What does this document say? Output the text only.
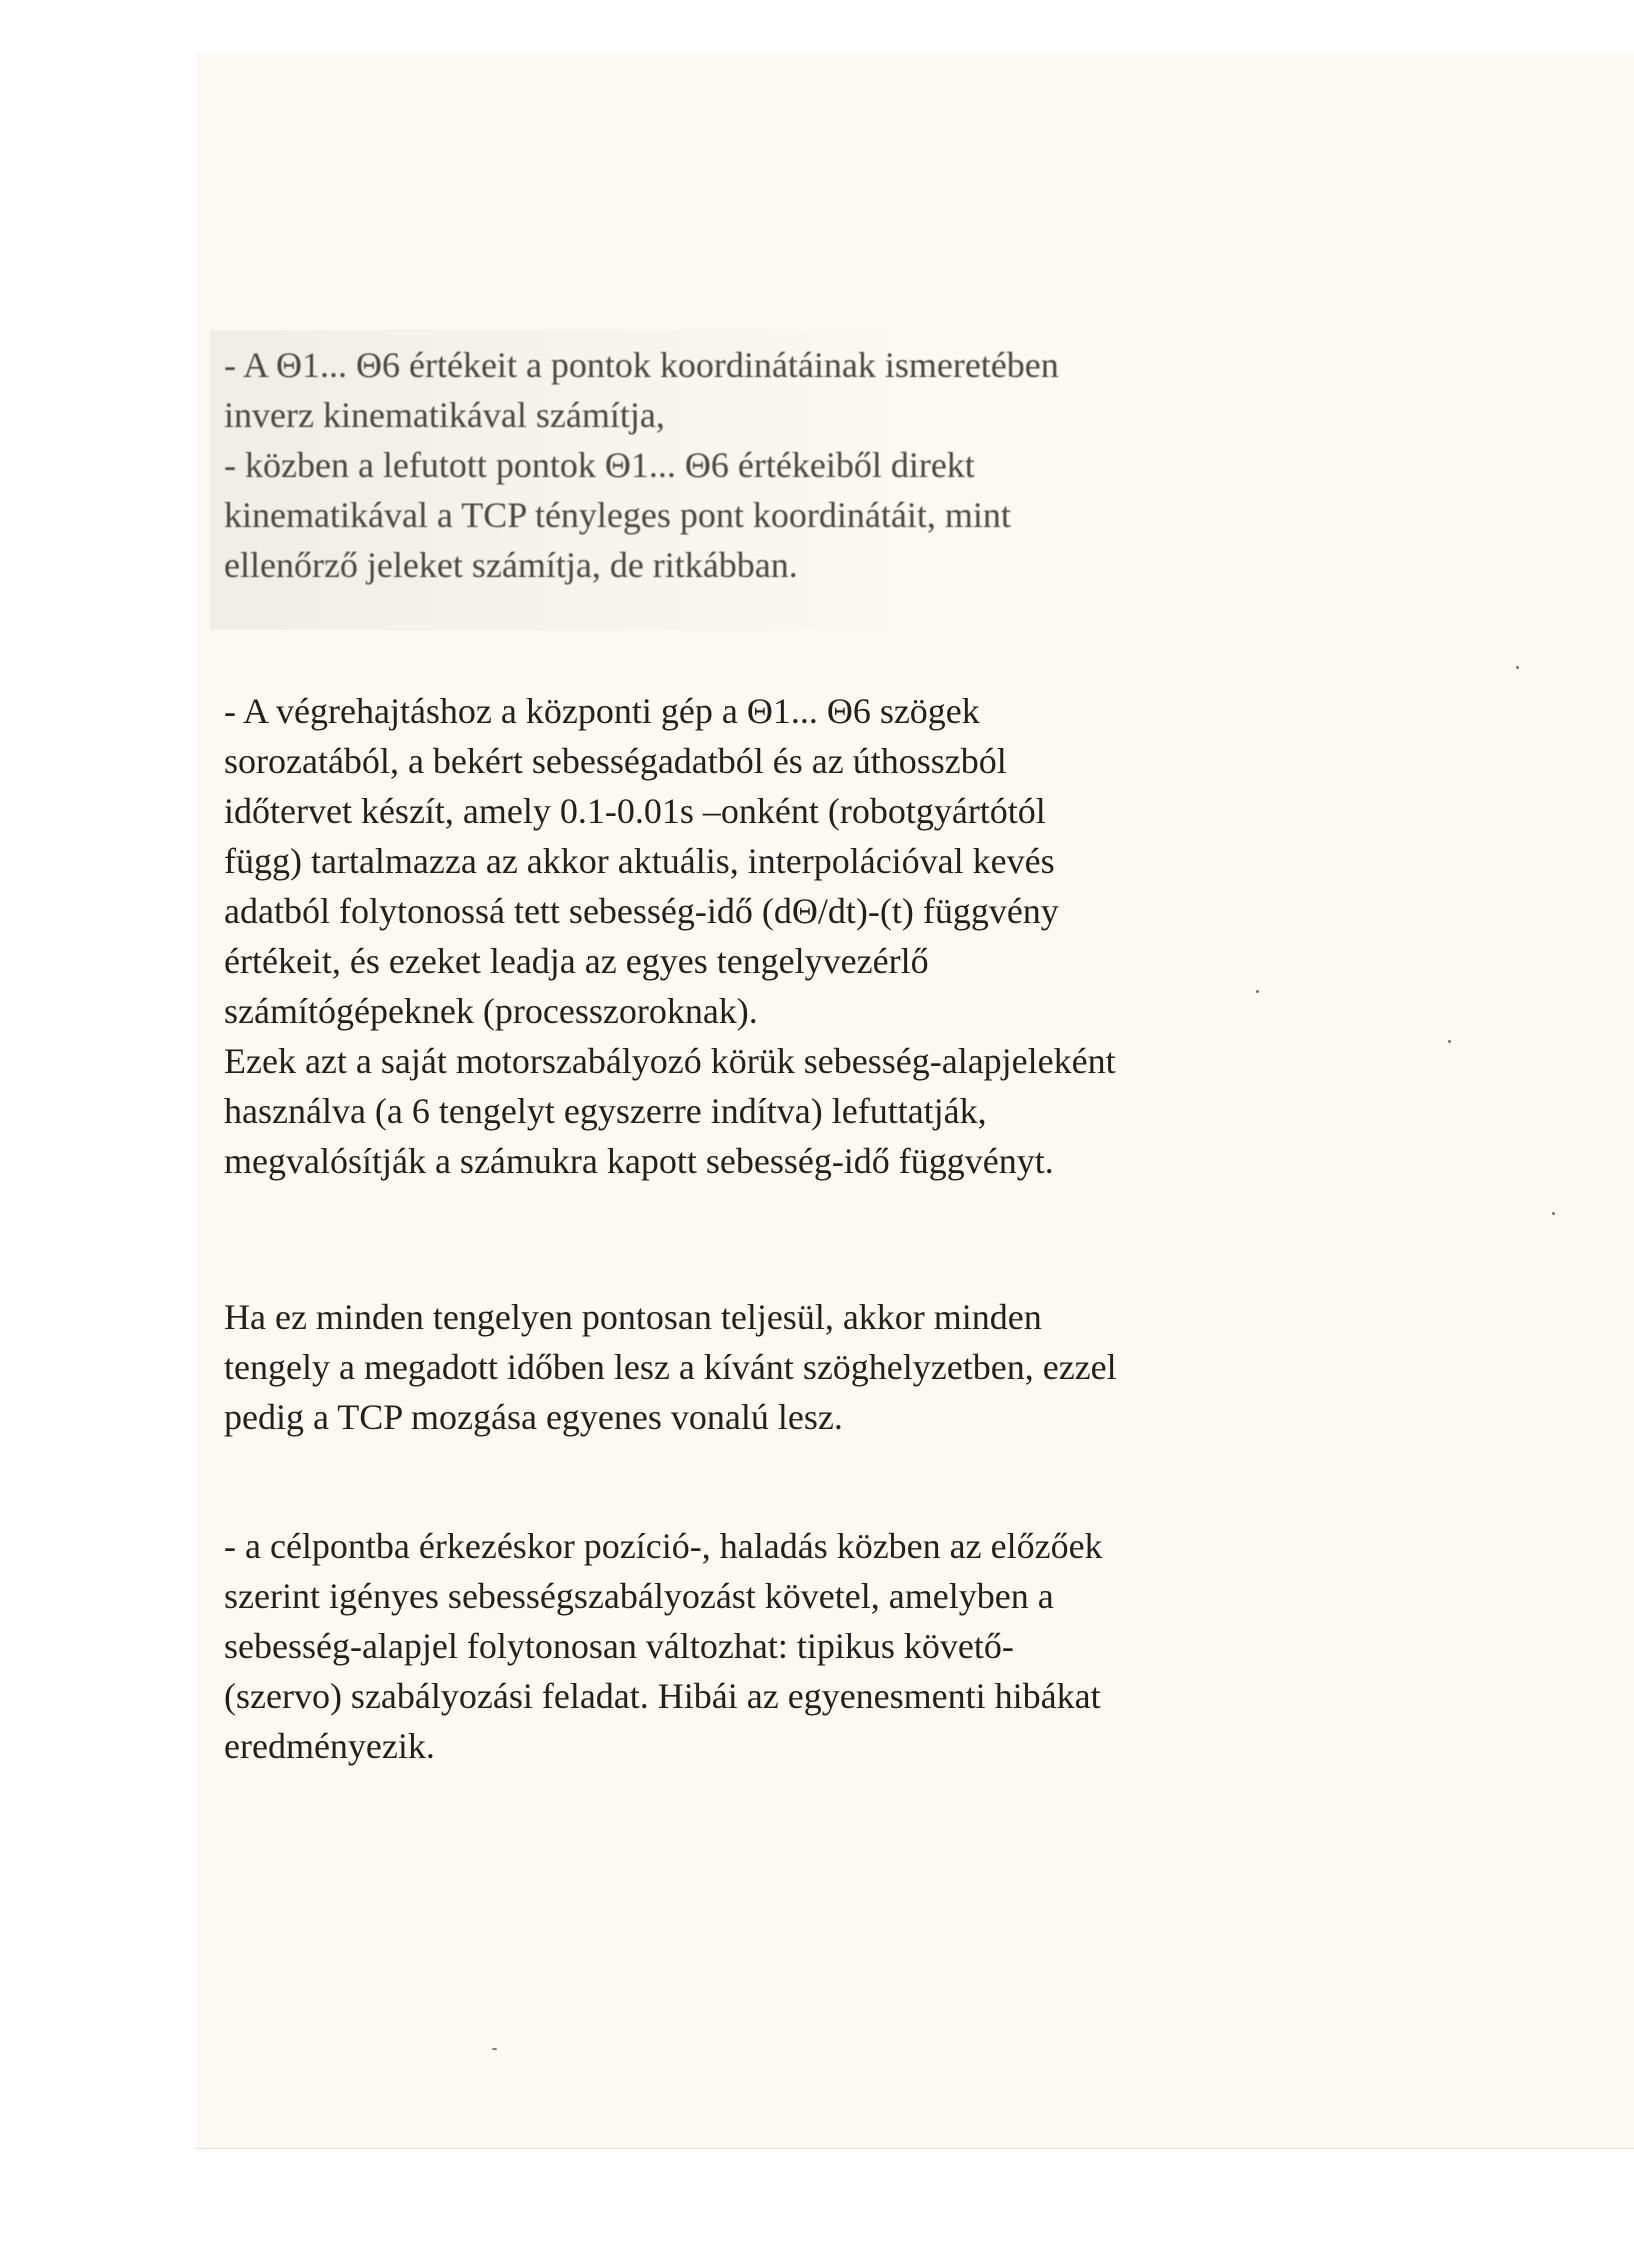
- A Θ1... Θ6 értékeit a pontok koordinátáinak ismeretében
inverz kinematikával számítja,
- közben a lefutott pontok Θ1... Θ6 értékeiből direkt
kinematikával a TCP tényleges pont koordinátáit, mint
ellenőrző jeleket számítja, de ritkábban.
- A végrehajtáshoz a központi gép a Θ1... Θ6 szögek
sorozatából, a bekért sebességadatból és az úthosszból
időtervet készít, amely 0.1-0.01s –onként (robotgyártótól
függ) tartalmazza az akkor aktuális, interpolációval kevés
adatból folytonossá tett sebesség-idő (dΘ/dt)-(t) függvény
értékeit, és ezeket leadja az egyes tengelyvezérlő
számítógépeknek (processzoroknak).
Ezek azt a saját motorszabályozó körük sebesség-alapjeleként
használva (a 6 tengelyt egyszerre indítva) lefuttatják,
megvalósítják a számukra kapott sebesség-idő függvényt.
Ha ez minden tengelyen pontosan teljesül, akkor minden
tengely a megadott időben lesz a kívánt szöghelyzetben, ezzel
pedig a TCP mozgása egyenes vonalú lesz.
- a célpontba érkezéskor pozíció-, haladás közben az előzőek
szerint igényes sebességszabályozást követel, amelyben a
sebesség-alapjel folytonosan változhat: tipikus követő-
(szervo) szabályozási feladat. Hibái az egyenesmenti hibákat
eredményezik.
